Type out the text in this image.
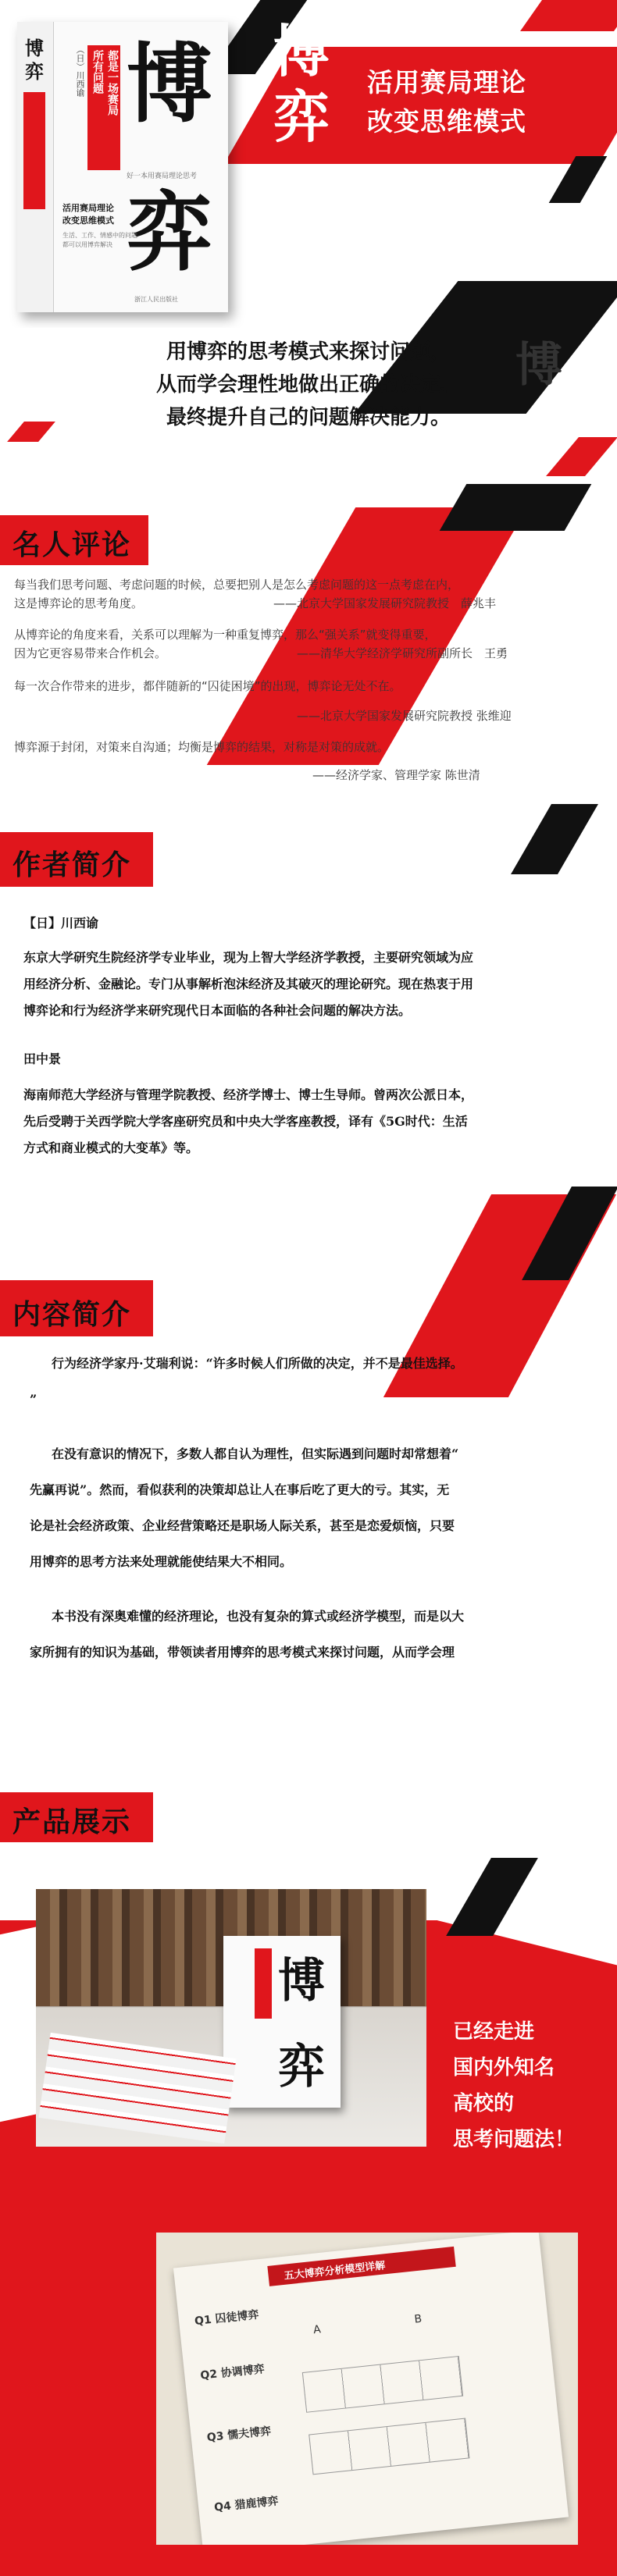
博
弈
活用赛局理论
改变思维模式
博
弈 博
弈
所有问题 都是一场赛局
（日）川西谕
好一本用赛局理论思考
活用赛局理论
改变思维模式
生活、工作、情感中的问题
都可以用博弈解决
浙江人民出版社
博
用博弈的思考模式来探讨问题，
从而学会理性地做出正确的决定、
最终提升自己的问题解决能力。
名人评论
每当我们思考问题、考虑问题的时候，总要把别人是怎么考虑问题的这一点考虑在内，
这是博弈论的思考角度。	——北京大学国家发展研究院教授　薛兆丰
从博弈论的角度来看，关系可以理解为一种重复博弈，那么“强关系”就变得重要，
因为它更容易带来合作机会。	——清华大学经济学研究所副所长　王勇
每一次合作带来的进步，都伴随新的“囚徒困境”的出现，博弈论无处不在。
——北京大学国家发展研究院教授 张维迎
博弈源于封闭，对策来自沟通；均衡是博弈的结果，对称是对策的成就。
——经济学家、管理学家 陈世清
作者简介
【日】川西谕
东京大学研究生院经济学专业毕业，现为上智大学经济学教授，主要研究领域为应
用经济分析、金融论。专门从事解析泡沫经济及其破灭的理论研究。现在热衷于用
博弈论和行为经济学来研究现代日本面临的各种社会问题的解决方法。
田中景
海南师范大学经济与管理学院教授、经济学博士、博士生导师。曾两次公派日本，
先后受聘于关西学院大学客座研究员和中央大学客座教授，译有《5G时代：生活
方式和商业模式的大变革》等。
内容简介
行为经济学家丹·艾瑞利说：“许多时候人们所做的决定，并不是最佳选择。
”
在没有意识的情况下，多数人都自认为理性，但实际遇到问题时却常想着“
先赢再说”。然而，看似获利的决策却总让人在事后吃了更大的亏。其实，无
论是社会经济政策、企业经营策略还是职场人际关系，甚至是恋爱烦恼，只要
用博弈的思考方法来处理就能使结果大不相同。
本书没有深奥难懂的经济理论，也没有复杂的算式或经济学模型，而是以大
家所拥有的知识为基础，带领读者用博弈的思考模式来探讨问题，从而学会理
产品展示
博
弈
已经走进
国内外知名
高校的
思考问题法！
五大博弈分析模型详解
Q1 囚徒博弈
Q2 协调博弈
Q3 懦夫博弈
Q4 猎鹿博弈
A
B
